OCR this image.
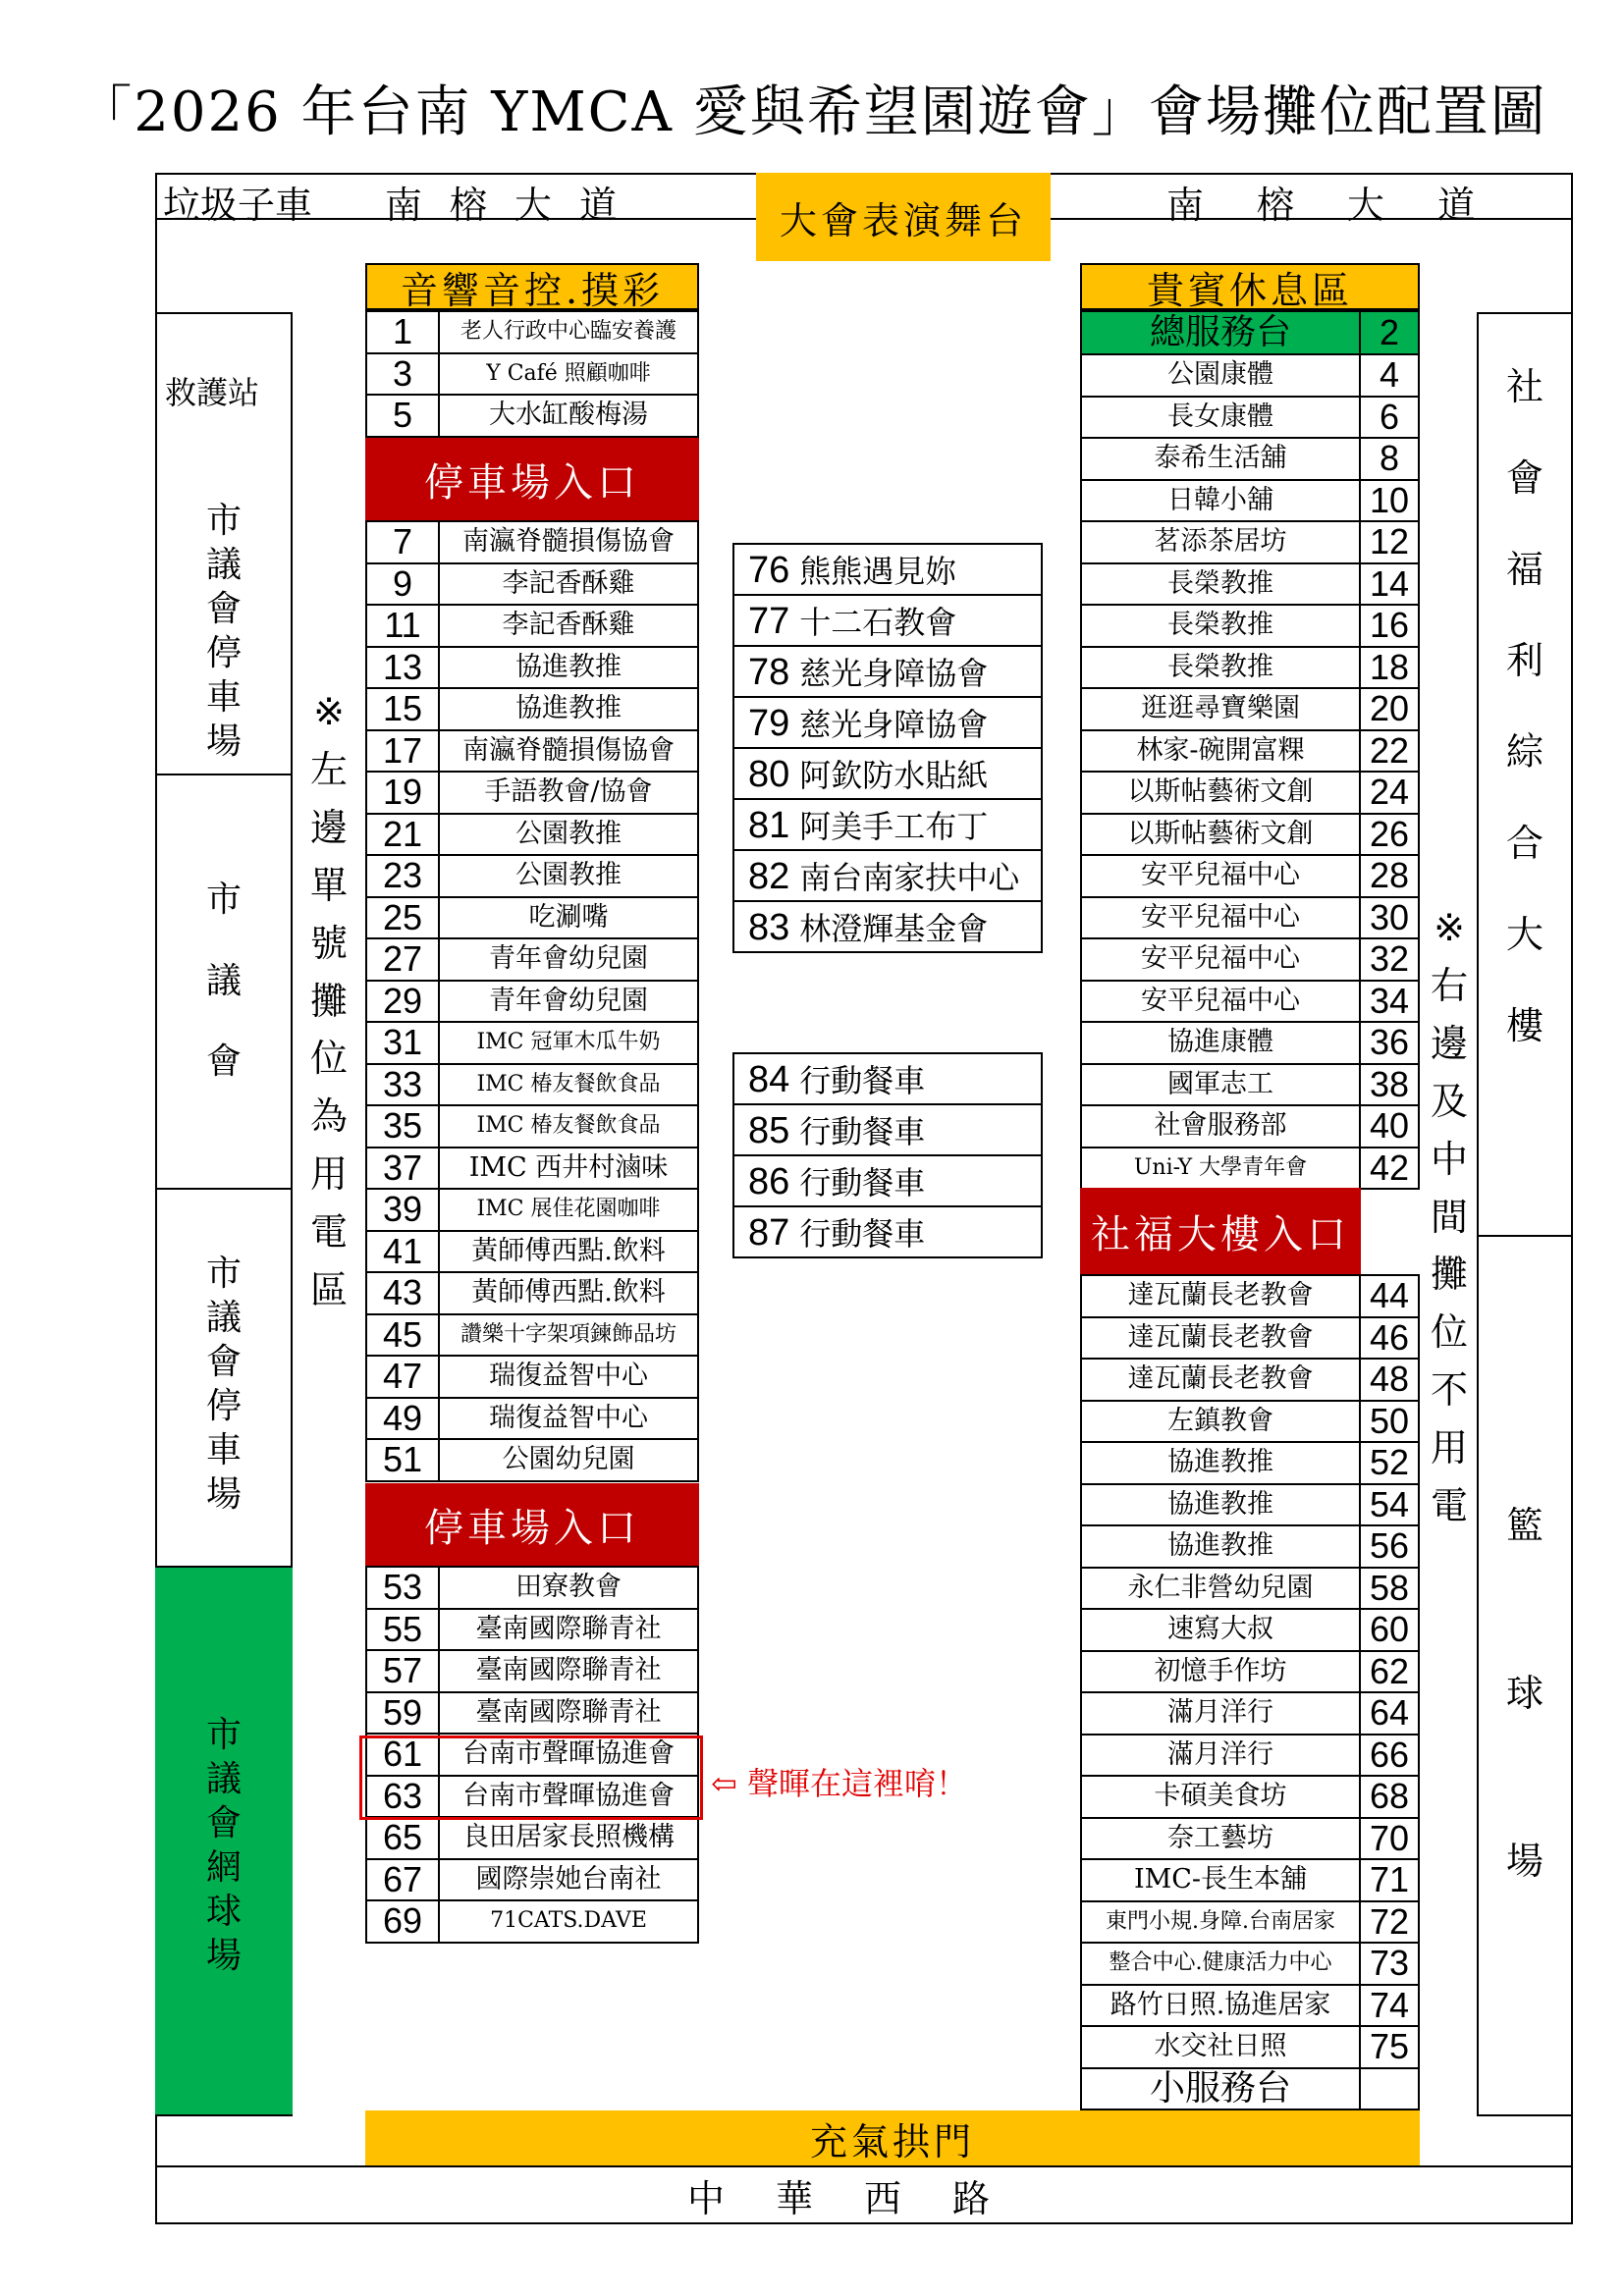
「2026 年台南 YMCA 愛與希望園遊會」會場攤位配置圖
垃圾子車 南榕大道	大會表演舞台	南榕大道
救護站
市
議
會
停
車
場
市
議
會
市
議
會
停
車
場
市
議
會
網
球
場
※
左
邊
單
號
攤
位
為
用
電
區
社
會
福
利
綜
合
大
樓
籃
球
場
※
右
邊
及
中
間
攤
位
不
用
電
音響音控.摸彩
1	老人行政中心臨安養護
3	Y Café 照顧咖啡
5	大水缸酸梅湯
停車場入口
7	南瀛脊髓損傷協會
9	李記香酥雞
11	李記香酥雞
13	協進教推
15	協進教推
17	南瀛脊髓損傷協會
19	手語教會/協會
21	公園教推
23	公園教推
25	吃涮嘴
27	青年會幼兒園
29	青年會幼兒園
31	IMC 冠軍木瓜牛奶
33	IMC 椿友餐飲食品
35	IMC 椿友餐飲食品
37	IMC 西井村滷味
39	IMC 展佳花園咖啡
41	黃師傅西點.飲料
43	黃師傅西點.飲料
45	讚樂十字架項鍊飾品坊
47	瑞復益智中心
49	瑞復益智中心
51	公園幼兒園
停車場入口
53	田寮教會
55	臺南國際聯青社
57	臺南國際聯青社
59	臺南國際聯青社
61	台南市聲暉協進會
63	台南市聲暉協進會
65	良田居家長照機構
67	國際崇她台南社
69	71CATS.DAVE
⇦ 聲暉在這裡唷！
76 熊熊遇見妳
77 十二石教會
78 慈光身障協會
79 慈光身障協會
80 阿欽防水貼紙
81 阿美手工布丁
82 南台南家扶中心
83 林澄輝基金會
84 行動餐車
85 行動餐車
86 行動餐車
87 行動餐車
貴賓休息區
總服務台	2
公園康體	4
長女康體	6
泰希生活舖	8
日韓小舖	10
茗添茶居坊	12
長榮教推	14
長榮教推	16
長榮教推	18
逛逛尋寶樂園	20
林家-碗開富粿	22
以斯帖藝術文創	24
以斯帖藝術文創	26
安平兒福中心	28
安平兒福中心	30
安平兒福中心	32
安平兒福中心	34
協進康體	36
國軍志工	38
社會服務部	40
Uni-Y 大學青年會	42
社福大樓入口
達瓦蘭長老教會	44
達瓦蘭長老教會	46
達瓦蘭長老教會	48
左鎮教會	50
協進教推	52
協進教推	54
協進教推	56
永仁非營幼兒園	58
速寫大叔	60
初憶手作坊	62
滿月洋行	64
滿月洋行	66
卡碩美食坊	68
奈工藝坊	70
IMC-長生本舖	71
東門小規.身障.台南居家	72
整合中心.健康活力中心	73
路竹日照.協進居家	74
水交社日照	75
小服務台	
充氣拱門
中華西路
